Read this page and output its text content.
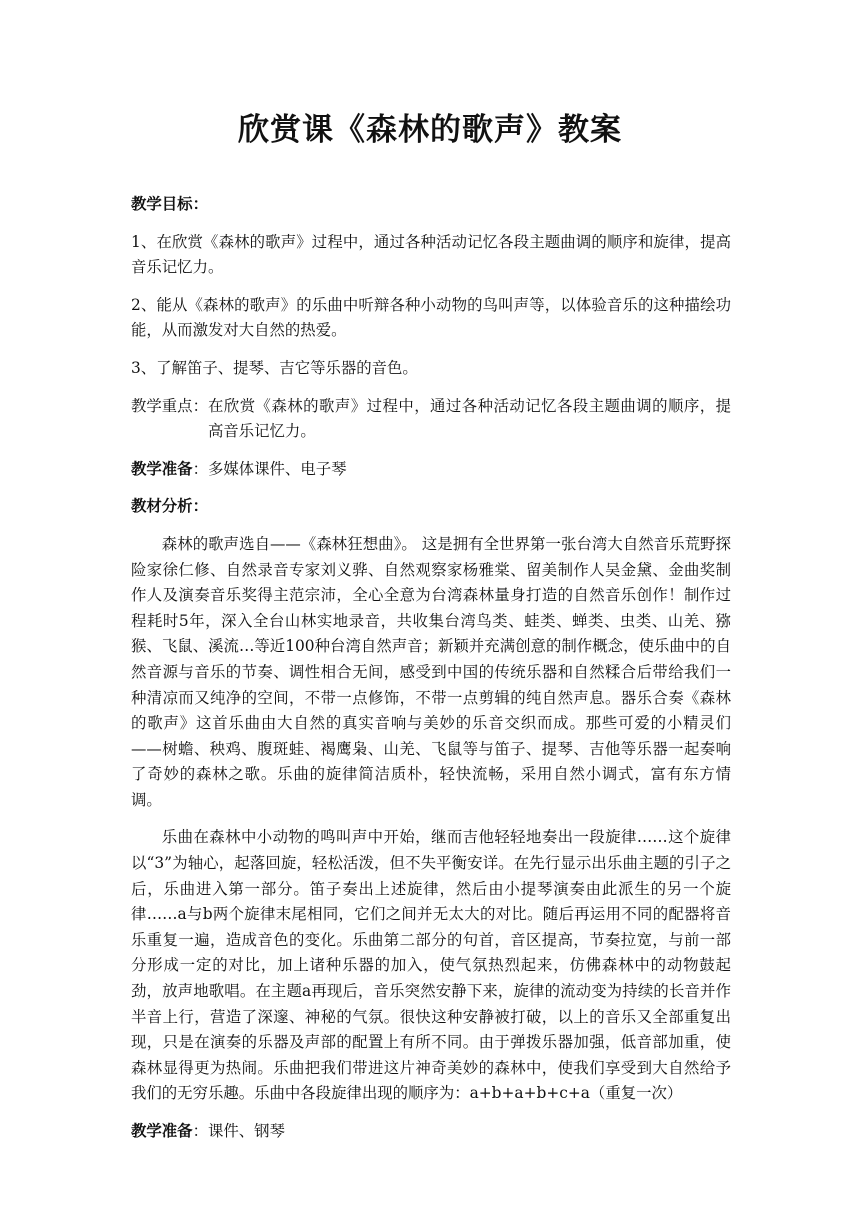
欣赏课《森林的歌声》教案
教学目标：
1、在欣赏《森林的歌声》过程中，通过各种活动记忆各段主题曲调的顺序和旋律，提高音乐记忆力。
2、能从《森林的歌声》的乐曲中听辩各种小动物的鸟叫声等，以体验音乐的这种描绘功能，从而激发对大自然的热爱。
3、了解笛子、提琴、吉它等乐器的音色。
教学重点： 在欣赏《森林的歌声》过程中，通过各种活动记忆各段主题曲调的顺序，提高音乐记忆力。
教学准备：多媒体课件、电子琴
教材分析：
森林的歌声选自——《森林狂想曲》。 这是拥有全世界第一张台湾大自然音乐荒野探险家徐仁修、自然录音专家刘义骅、自然观察家杨雅棠、留美制作人吴金黛、金曲奖制作人及演奏音乐奖得主范宗沛，全心全意为台湾森林量身打造的自然音乐创作！制作过程耗时5年，深入全台山林实地录音，共收集台湾鸟类、蛙类、蝉类、虫类、山羌、猕猴、飞鼠、溪流…等近100种台湾自然声音；新颖并充满创意的制作概念，使乐曲中的自然音源与音乐的节奏、调性相合无间，感受到中国的传统乐器和自然糅合后带给我们一种清凉而又纯净的空间，不带一点修饰，不带一点剪辑的纯自然声息。器乐合奏《森林的歌声》这首乐曲由大自然的真实音响与美妙的乐音交织而成。那些可爱的小精灵们——树蟾、秧鸡、腹斑蛙、褐鹰枭、山羌、飞鼠等与笛子、提琴、吉他等乐器一起奏响了奇妙的森林之歌。乐曲的旋律简洁质朴，轻快流畅，采用自然小调式，富有东方情调。
乐曲在森林中小动物的鸣叫声中开始，继而吉他轻轻地奏出一段旋律……这个旋律以“3”为轴心，起落回旋，轻松活泼，但不失平衡安详。在先行显示出乐曲主题的引子之后，乐曲进入第一部分。笛子奏出上述旋律，然后由小提琴演奏由此派生的另一个旋律……a与b两个旋律末尾相同，它们之间并无太大的对比。随后再运用不同的配器将音乐重复一遍，造成音色的变化。乐曲第二部分的句首，音区提高，节奏拉宽，与前一部分形成一定的对比，加上诸种乐器的加入，使气氛热烈起来，仿佛森林中的动物鼓起劲，放声地歌唱。在主题a再现后，音乐突然安静下来，旋律的流动变为持续的长音并作半音上行，营造了深邃、神秘的气氛。很快这种安静被打破，以上的音乐又全部重复出现，只是在演奏的乐器及声部的配置上有所不同。由于弹拨乐器加强，低音部加重，使森林显得更为热闹。乐曲把我们带进这片神奇美妙的森林中，使我们享受到大自然给予我们的无穷乐趣。乐曲中各段旋律出现的顺序为：a+b+a+b+c+a（重复一次）
教学准备：课件、钢琴
